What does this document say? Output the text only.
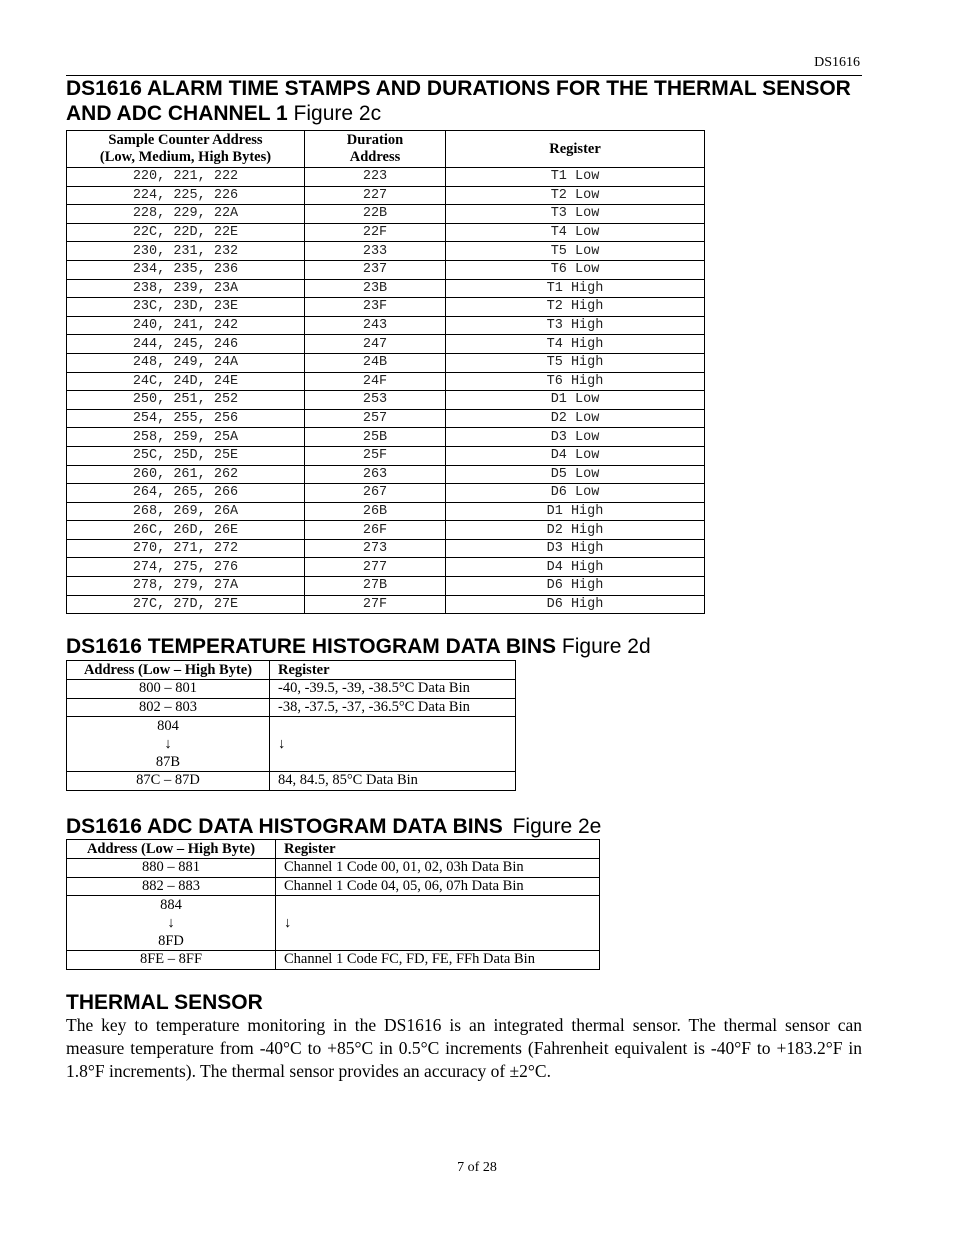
DS1616
DS1616 ALARM TIME STAMPS AND DURATIONS FOR THE THERMAL SENSOR AND ADC CHANNEL 1 Figure 2c
Sample Counter Address
(Low, Medium, High Bytes)	Duration
Address	Register
220, 221, 222	223	T1 Low
224, 225, 226	227	T2 Low
228, 229, 22A	22B	T3 Low
22C, 22D, 22E	22F	T4 Low
230, 231, 232	233	T5 Low
234, 235, 236	237	T6 Low
238, 239, 23A	23B	T1 High
23C, 23D, 23E	23F	T2 High
240, 241, 242	243	T3 High
244, 245, 246	247	T4 High
248, 249, 24A	24B	T5 High
24C, 24D, 24E	24F	T6 High
250, 251, 252	253	D1 Low
254, 255, 256	257	D2 Low
258, 259, 25A	25B	D3 Low
25C, 25D, 25E	25F	D4 Low
260, 261, 262	263	D5 Low
264, 265, 266	267	D6 Low
268, 269, 26A	26B	D1 High
26C, 26D, 26E	26F	D2 High
270, 271, 272	273	D3 High
274, 275, 276	277	D4 High
278, 279, 27A	27B	D6 High
27C, 27D, 27E	27F	D6 High
DS1616 TEMPERATURE HISTOGRAM DATA BINS Figure 2d
Address (Low – High Byte)	Register
800 – 801	-40, -39.5, -39, -38.5°C Data Bin
802 – 803	-38, -37.5, -37, -36.5°C Data Bin

804
↓
87B	↓
87C – 87D	84, 84.5, 85°C Data Bin
DS1616 ADC DATA HISTOGRAM DATA BINS Figure 2e
Address (Low – High Byte)	Register
880 – 881	Channel 1 Code 00, 01, 02, 03h Data Bin
882 – 883	Channel 1 Code 04, 05, 06, 07h Data Bin

884
↓
8FD	↓
8FE – 8FF	Channel 1 Code FC, FD, FE, FFh Data Bin
THERMAL SENSOR

The key to temperature monitoring in the DS1616 is an integrated thermal sensor. The thermal sensor can measure temperature from -40°C to +85°C in 0.5°C increments (Fahrenheit equivalent is -40°F to +183.2°F in 1.8°F increments). The thermal sensor provides an accuracy of ±2°C.

7 of 28
